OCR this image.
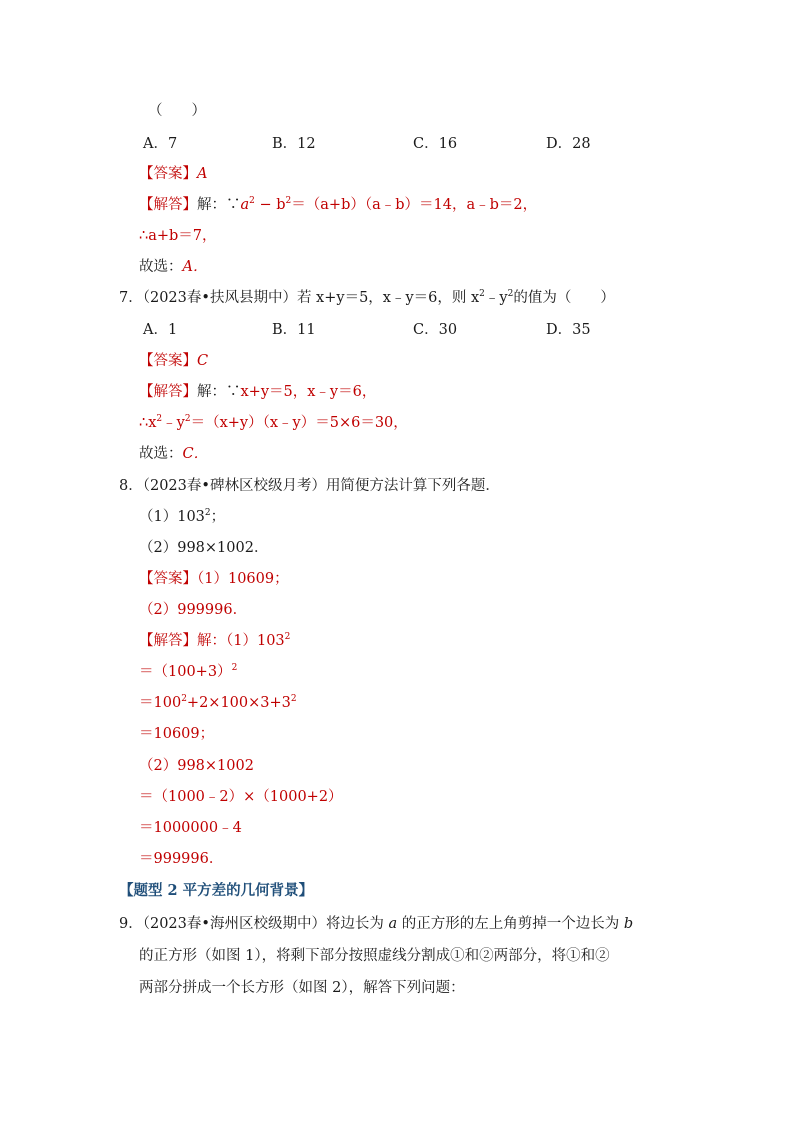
（　　）
A．7	B．12	C．16	D．28
【答案】A
【解答】解：$\because a^2$ − $b^2=(a+b)(a﹣b)=14$，a﹣b＝2，
∴a+b＝7，
故选：A．
7．（2023春•扶风县期中）若 x+y＝5，x﹣y＝6，则 $x^2﹣y^2$的值为（　　）
A．1	B．11	C．30	D．35
【答案】C
【解答】解：∵x+y＝5，x﹣y＝6，
$\therefore x^2﹣y^2=(x+y)(x﹣y)=5\times 6=30$，
故选：C．
8．（2023春•碑林区校级月考）用简便方法计算下列各题．
$(1)103^2$；
（2）998×1002．
【答案】（1）10609；
（2）999996．
【解答】解：$(1)103^2$
$=(100+3)^2$
$=100^2+2\times 100\times 3+3^2$
＝10609；
（2）998×1002
＝（1000﹣2）×（1000+2）
＝1000000﹣4
＝999996．
【题型 2 平方差的几何背景】
9．（2023春•海州区校级期中）将边长为 a 的正方形的左上角剪掉一个边长为 b
的正方形（如图 1），将剩下部分按照虚线分割成①和②两部分，将①和②
两部分拼成一个长方形（如图 2），解答下列问题：
